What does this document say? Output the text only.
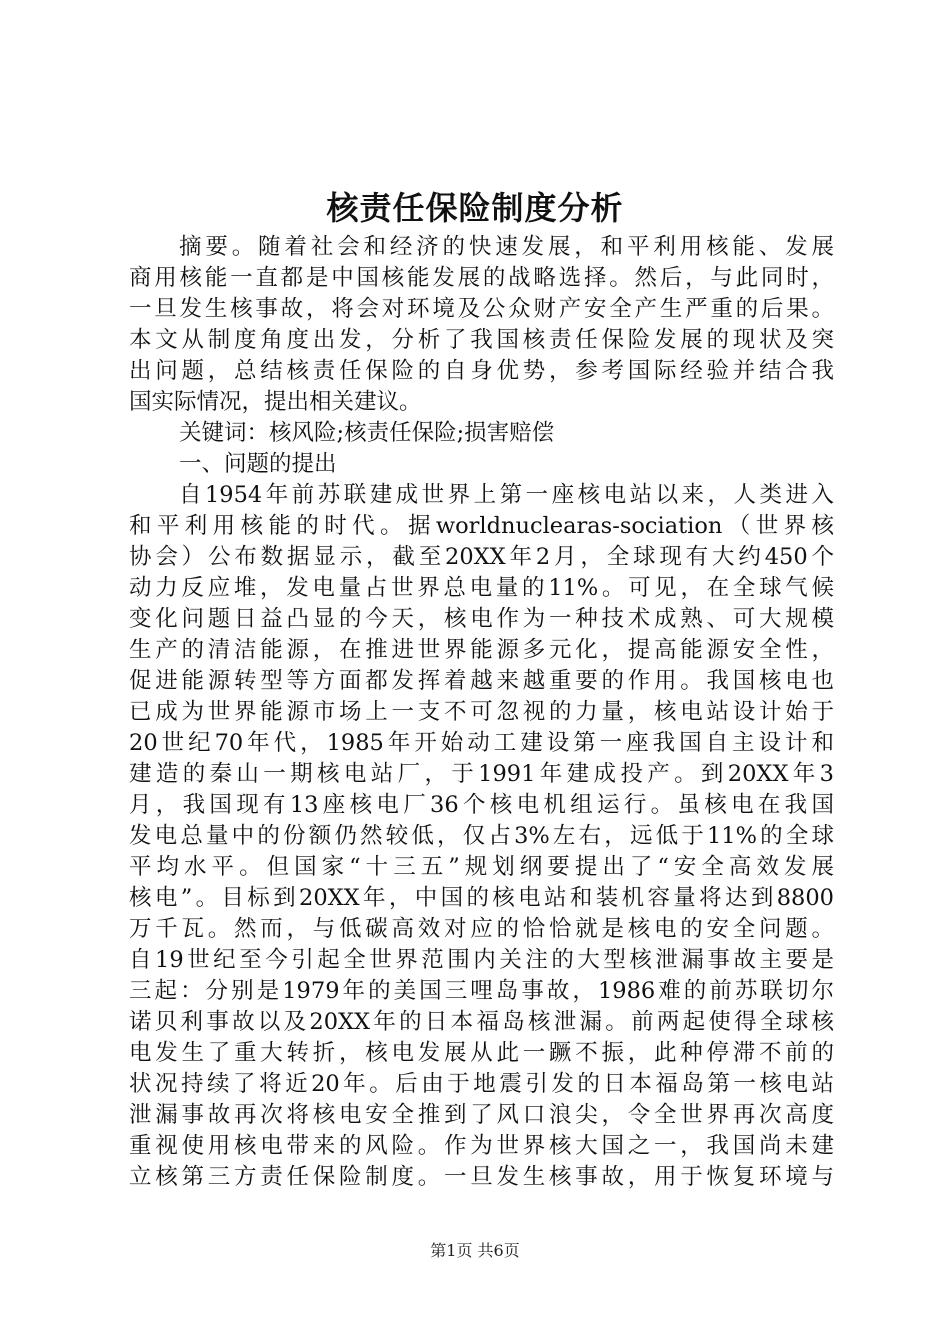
核责任保险制度分析
摘要。随着社会和经济的快速发展，和平利用核能、发展
商用核能一直都是中国核能发展的战略选择。然后，与此同时，
一旦发生核事故，将会对环境及公众财产安全产生严重的后果。
本文从制度角度出发，分析了我国核责任保险发展的现状及突
出问题，总结核责任保险的自身优势，参考国际经验并结合我
国实际情况，提出相关建议。
关键词：核风险;核责任保险;损害赔偿
一、问题的提出
自1954年前苏联建成世界上第一座核电站以来，人类进入
和平利用核能的时代。据worldnuclearas-sociation（世界核
协会）公布数据显示，截至20XX年2月，全球现有大约450个
动力反应堆，发电量占世界总电量的11%。可见，在全球气候
变化问题日益凸显的今天，核电作为一种技术成熟、可大规模
生产的清洁能源，在推进世界能源多元化，提高能源安全性，
促进能源转型等方面都发挥着越来越重要的作用。我国核电也
已成为世界能源市场上一支不可忽视的力量，核电站设计始于
20世纪70年代，1985年开始动工建设第一座我国自主设计和
建造的秦山一期核电站厂，于1991年建成投产。到20XX年3
月，我国现有13座核电厂36个核电机组运行。虽核电在我国
发电总量中的份额仍然较低，仅占3%左右，远低于11%的全球
平均水平。但国家“十三五”规划纲要提出了“安全高效发展
核电”。目标到20XX年，中国的核电站和装机容量将达到8800
万千瓦。然而，与低碳高效对应的恰恰就是核电的安全问题。
自19世纪至今引起全世界范围内关注的大型核泄漏事故主要是
三起：分别是1979年的美国三哩岛事故，1986难的前苏联切尔
诺贝利事故以及20XX年的日本福岛核泄漏。前两起使得全球核
电发生了重大转折，核电发展从此一蹶不振，此种停滞不前的
状况持续了将近20年。后由于地震引发的日本福岛第一核电站
泄漏事故再次将核电安全推到了风口浪尖，令全世界再次高度
重视使用核电带来的风险。作为世界核大国之一，我国尚未建
立核第三方责任保险制度。一旦发生核事故，用于恢复环境与
第1页 共6页
